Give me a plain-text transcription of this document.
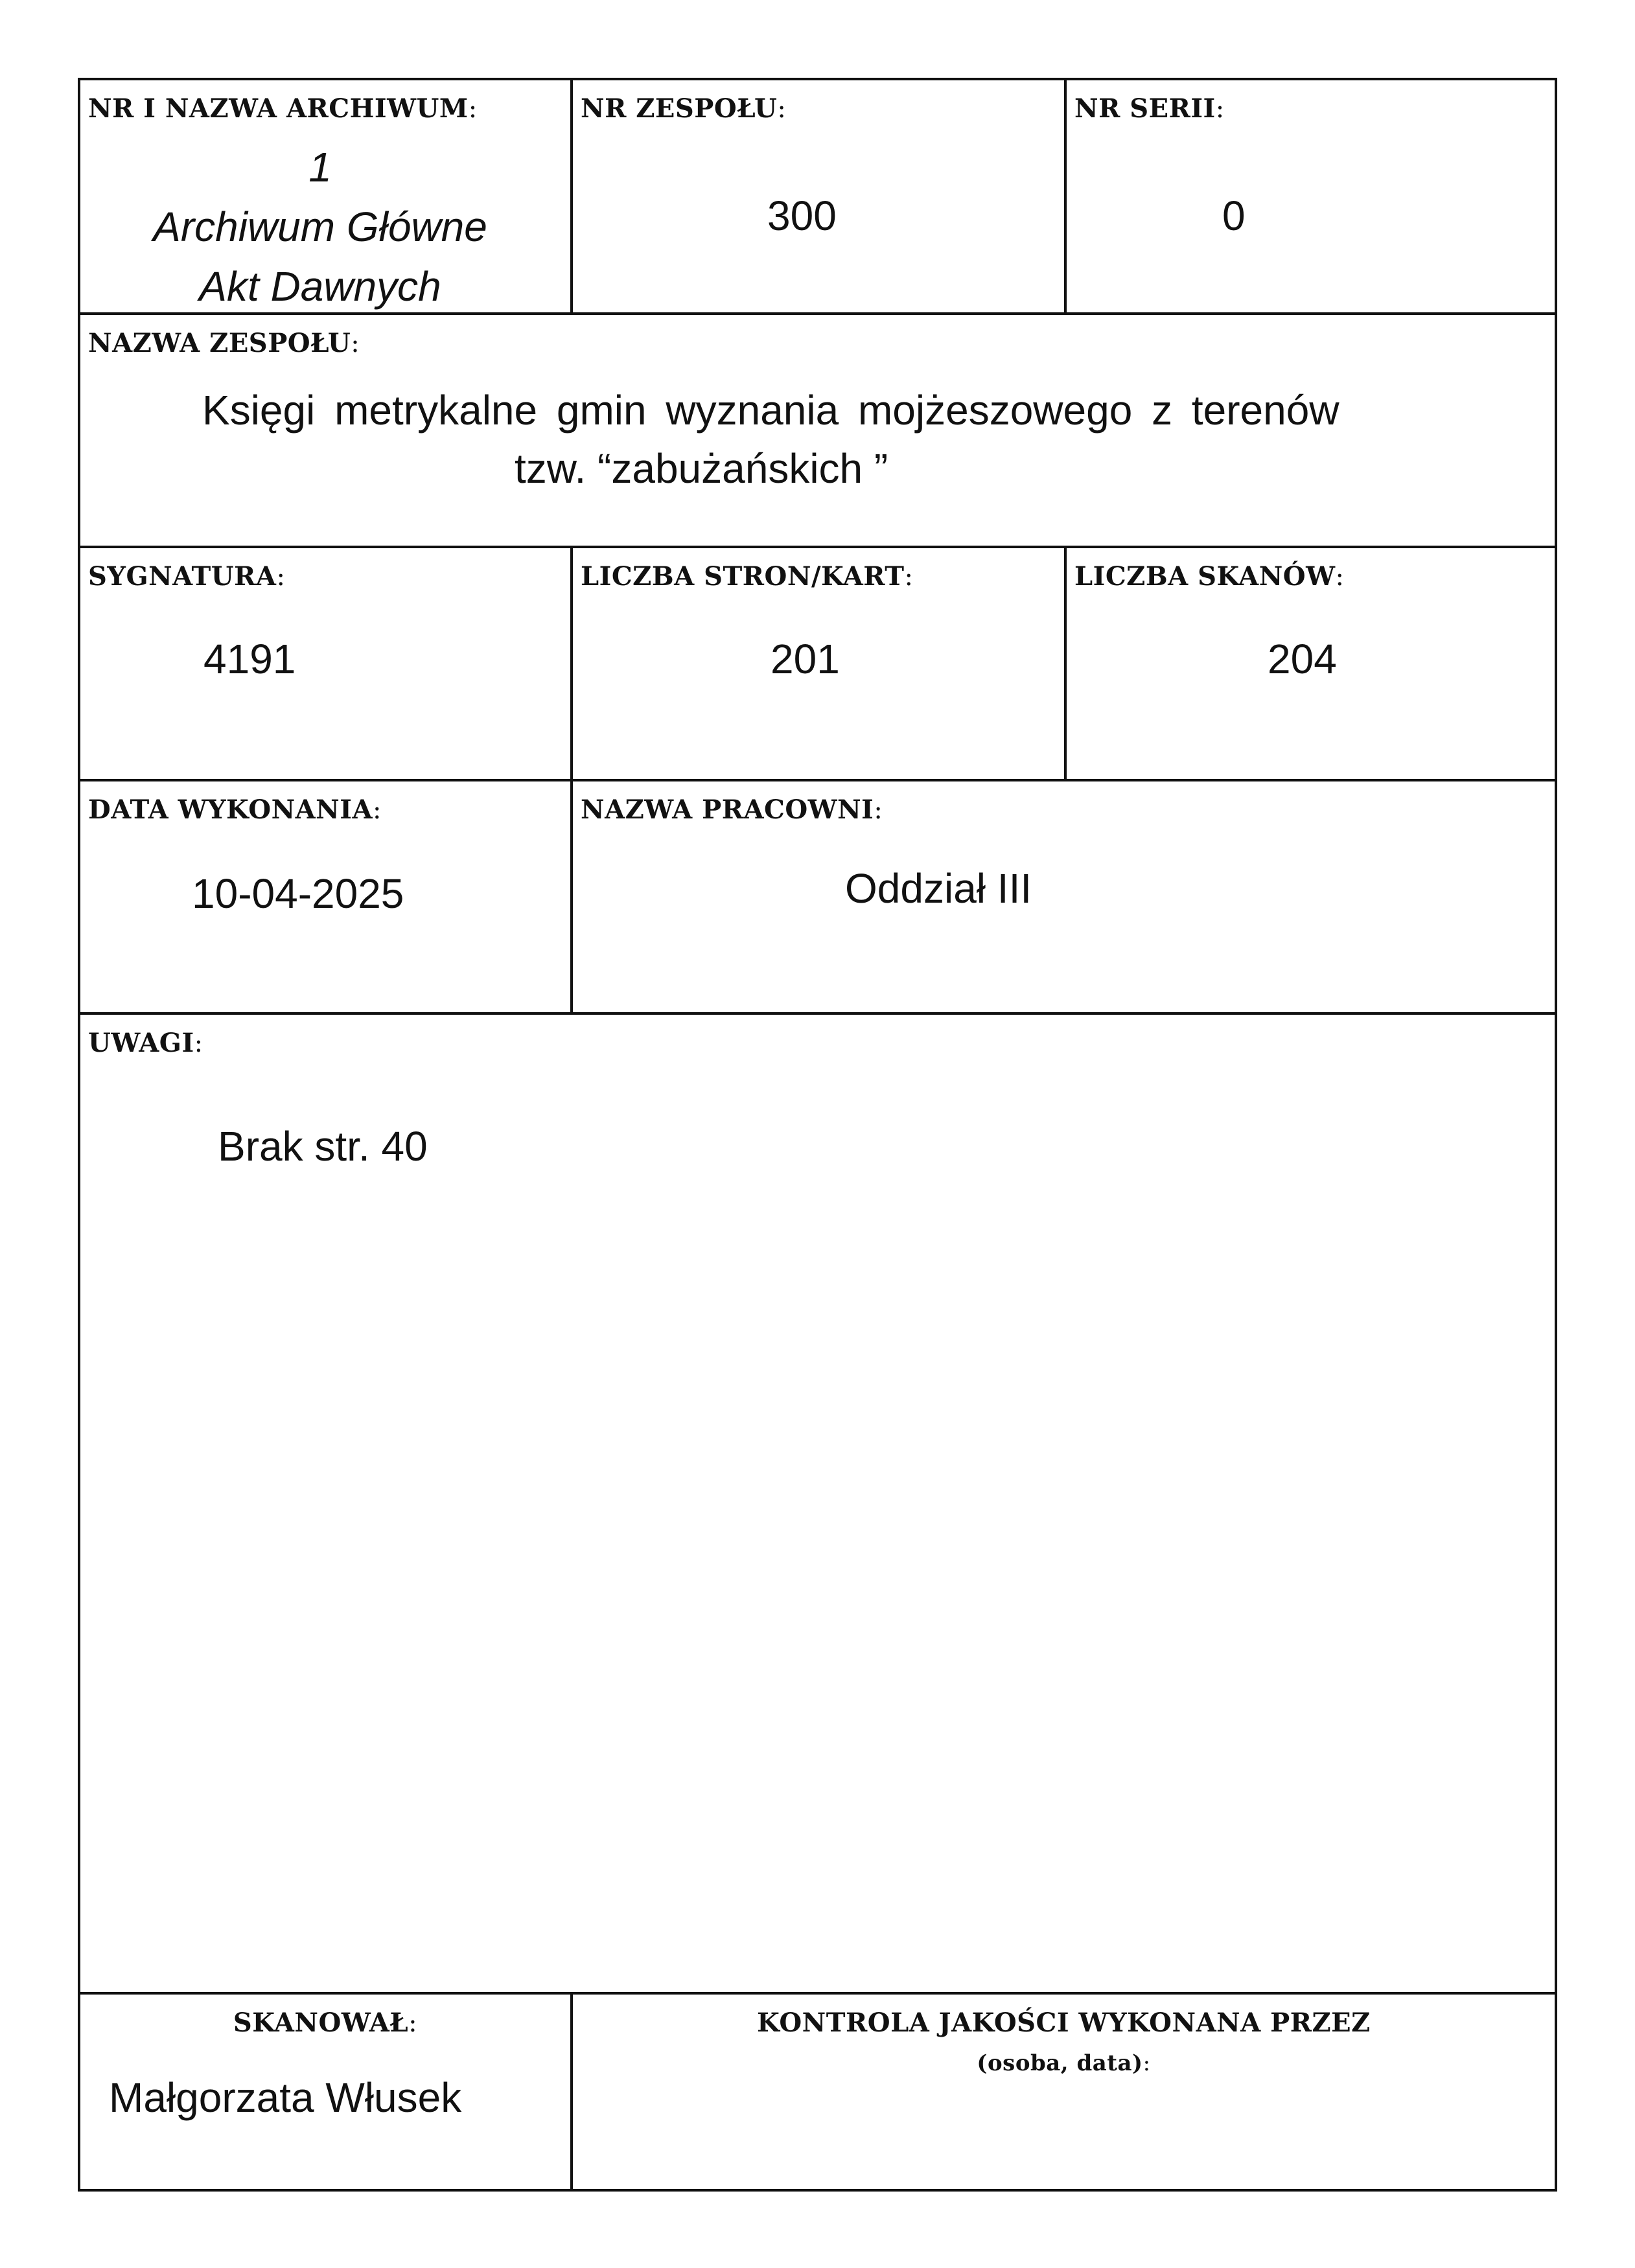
NR I NAZWA ARCHIWUM:
1
Archiwum Główne
Akt Dawnych
NR ZESPOŁU:
300
NR SERII:
0
NAZWA ZESPOŁU:
Księgi metrykalne gmin wyznania mojżeszowego z terenów
tzw. “zabużańskich ”
SYGNATURA:
4191
LICZBA STRON/KART:
201
LICZBA SKANÓW:
204
DATA WYKONANIA:
10-04-2025
NAZWA PRACOWNI:
Oddział III
UWAGI:
Brak str. 40
SKANOWAŁ:
Małgorzata Włusek
KONTROLA JAKOŚCI WYKONANA PRZEZ
(osoba, data):
